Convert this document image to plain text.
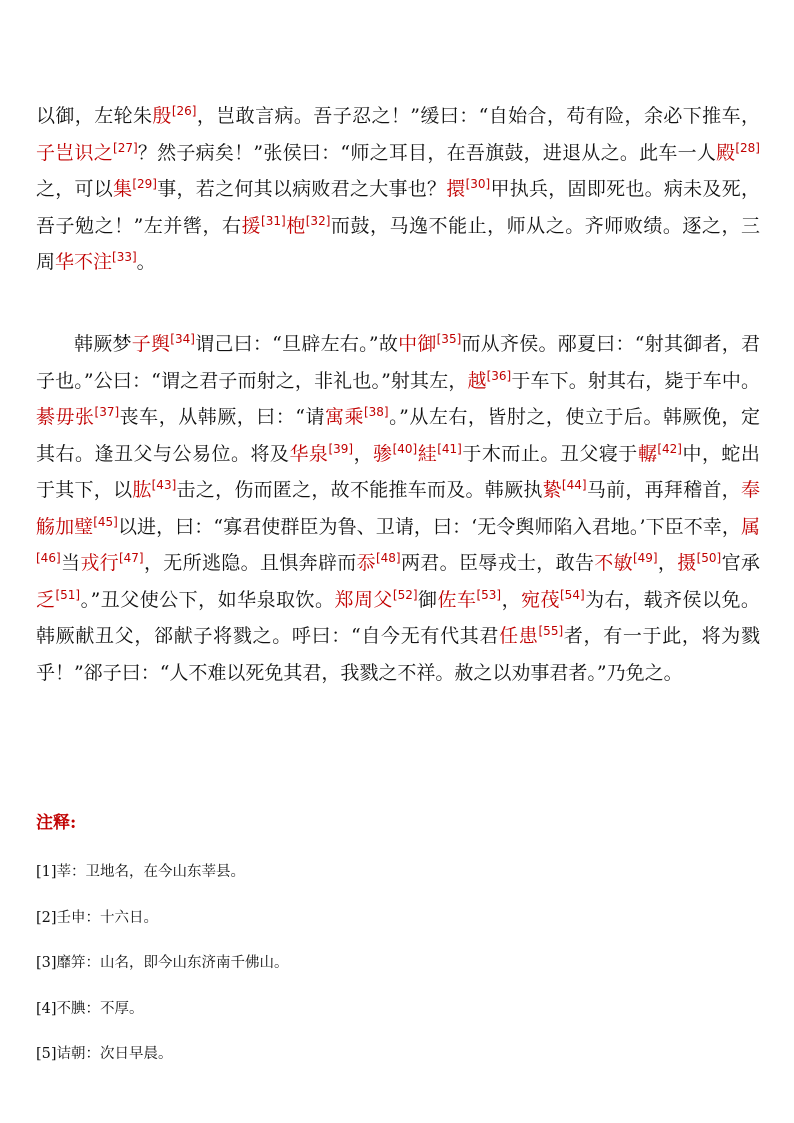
以御，左轮朱殷[26]，岂敢言病。吾子忍之！”缓曰：“自始合，苟有险，余必下推车，子岂识之[27]？然子病矣！”张侯曰：“师之耳目，在吾旗鼓，进退从之。此车一人殿[28]之，可以集[29]事，若之何其以病败君之大事也？擐[30]甲执兵，固即死也。病未及死，吾子勉之！”左并辔，右援[31]枹[32]而鼓，马逸不能止，师从之。齐师败绩。逐之，三周华不注[33]。

韩厥梦子舆[34]谓己曰：“旦辟左右。”故中御[35]而从齐侯。邴夏曰：“射其御者，君子也。”公曰：“谓之君子而射之，非礼也。”射其左，越[36]于车下。射其右，毙于车中。綦毋张[37]丧车，从韩厥，曰：“请寓乘[38]。”从左右，皆肘之，使立于后。韩厥俛，定其右。逢丑父与公易位。将及华泉[39]，骖[40]絓[41]于木而止。丑父寝于轏[42]中，蛇出于其下，以肱[43]击之，伤而匿之，故不能推车而及。韩厥执絷[44]马前，再拜稽首，奉觞加璧[45]以进，曰：“寡君使群臣为鲁、卫请，曰：‘无令舆师陷入君地。’下臣不幸，属[46]当戎行[47]，无所逃隐。且惧奔辟而忝[48]两君。臣辱戎士，敢告不敏[49]，摄[50]官承乏[51]。”丑父使公下，如华泉取饮。郑周父[52]御佐车[53]，宛茷[54]为右，载齐侯以免。 韩厥献丑父，郤献子将戮之。呼曰：“自今无有代其君任患[55]者，有一于此，将为戮乎！”郤子曰：“人不难以死免其君，我戮之不祥。赦之以劝事君者。”乃免之。

注释:
[1]莘：卫地名，在今山东莘县。
[2]壬申：十六日。
[3]靡笄：山名，即今山东济南千佛山。
[4]不腆：不厚。
[5]诘朝：次日早晨。
